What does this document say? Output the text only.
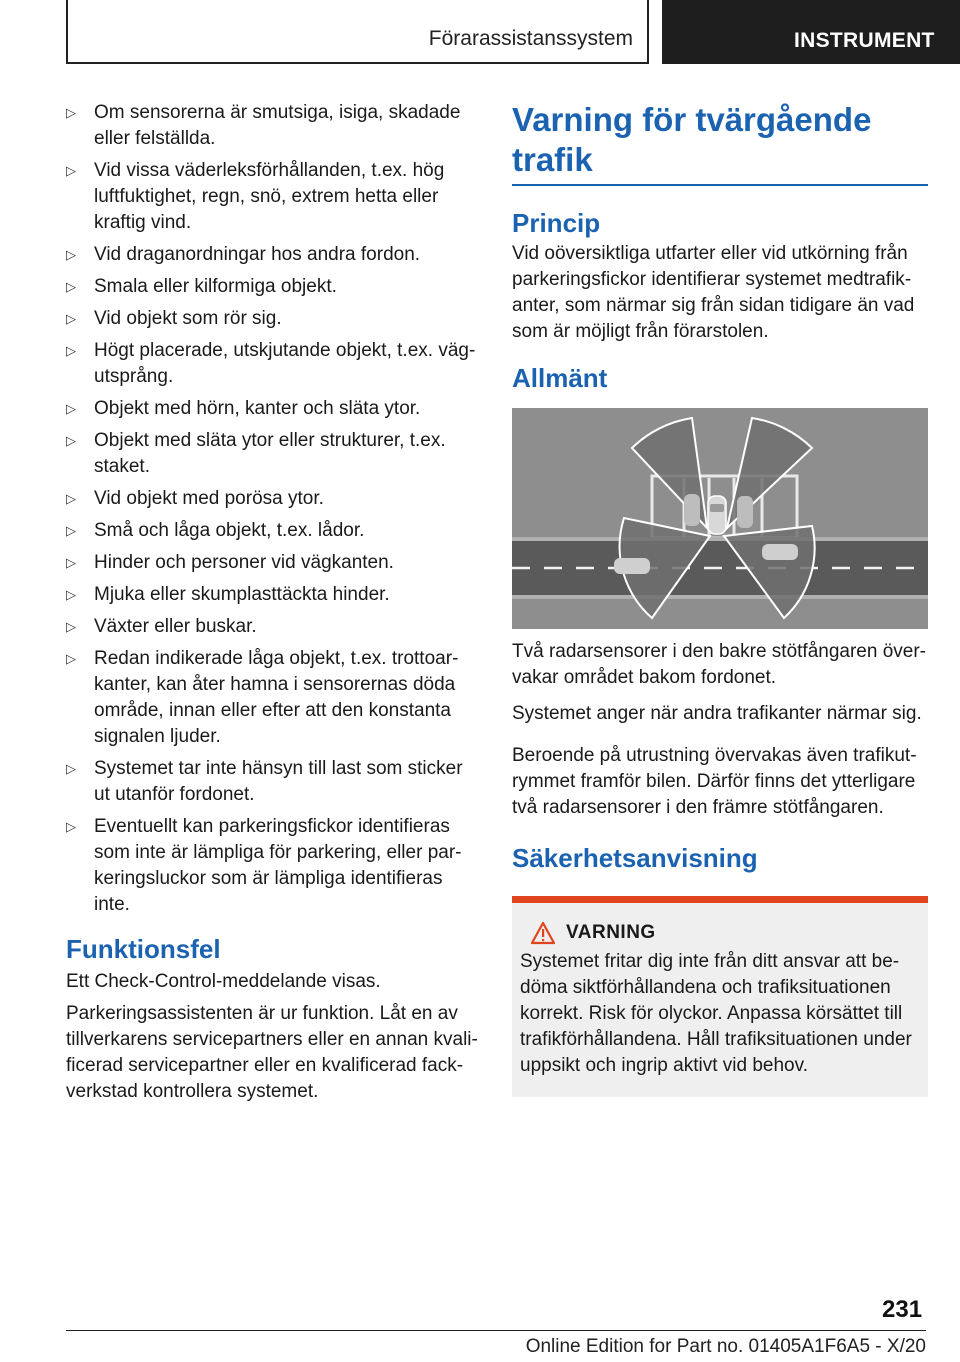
Förarassistanssystem	INSTRUMENT
▷ Om sensorerna är smutsiga, isiga, skadade eller felställda.
▷ Vid vissa väderleksförhållanden, t.ex. hög luftfuktighet, regn, snö, extrem hetta eller kraftig vind.
▷ Vid draganordningar hos andra fordon.
▷ Smala eller kilformiga objekt.
▷ Vid objekt som rör sig.
▷ Högt placerade, utskjutande objekt, t.ex. vägutsprång.
▷ Objekt med hörn, kanter och släta ytor.
▷ Objekt med släta ytor eller strukturer, t.ex. staket.
▷ Vid objekt med porösa ytor.
▷ Små och låga objekt, t.ex. lådor.
▷ Hinder och personer vid vägkanten.
▷ Mjuka eller skumplasttäckta hinder.
▷ Växter eller buskar.
▷ Redan indikerade låga objekt, t.ex. trottoarkanter, kan åter hamna i sensorernas döda område, innan eller efter att den konstanta signalen ljuder.
▷ Systemet tar inte hänsyn till last som sticker ut utanför fordonet.
▷ Eventuellt kan parkeringsfickor identifieras som inte är lämpliga för parkering, eller parkeringsluckor som är lämpliga identifieras inte.
Funktionsfel

Ett Check-Control-meddelande visas.

Parkeringsassistenten är ur funktion. Låt en av tillverkarens servicepartners eller en annan kvalificerad servicepartner eller en kvalificerad fackverkstad kontrollera systemet.

Varning för tvärgående trafik
Princip

Vid oöversiktliga utfarter eller vid utkörning från parkeringsfickor identifierar systemet medtrafikanter, som närmar sig från sidan tidigare än vad som är möjligt från förarstolen.

Allmänt

Två radarsensorer i den bakre stötfångaren övervakar området bakom fordonet.

Systemet anger när andra trafikanter närmar sig.

Beroende på utrustning övervakas även trafikutrymmet framför bilen. Därför finns det ytterligare två radarsensorer i den främre stötfångaren.

Säkerhetsanvisning
VARNING

Systemet fritar dig inte från ditt ansvar att bedöma siktförhållandena och trafiksituationen korrekt. Risk för olyckor. Anpassa körsättet till trafikförhållandena. Håll trafiksituationen under uppsikt och ingrip aktivt vid behov.

231
Online Edition for Part no. 01405A1F6A5 - X/20
